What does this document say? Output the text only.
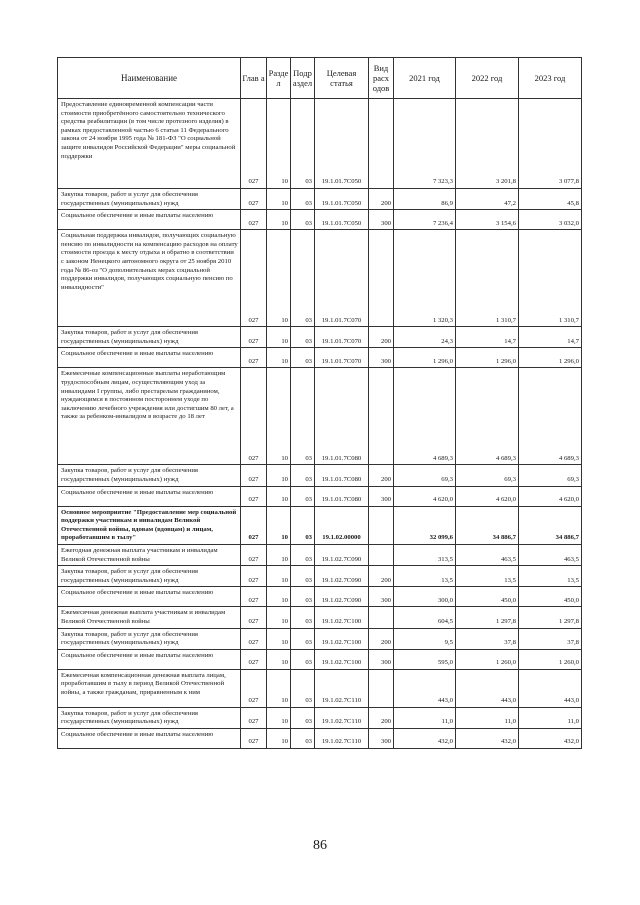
Наименование	Глав а	Разде л	Подр аздел	Целевая статья	Вид расх одов	2021 год	2022 год	2023 год
Предоставление единовременной компенсации части стоимости приобретённого самостоятельно технического средства реабилитации (в том числе протезного изделия) в рамках предоставленной частью 6 статьи 11 Федерального закона от 24 ноября 1995 года № 181-ФЗ "О социальной защите инвалидов Российской Федерации" меры социальной поддержки	027	10	03	19.1.01.7С050		7 323,3	3 201,8	3 077,8
Закупка товаров, работ и услуг для обеспечения государственных (муниципальных) нужд	027	10	03	19.1.01.7С050	200	86,9	47,2	45,8
Социальное обеспечение и иные выплаты населению	027	10	03	19.1.01.7С050	300	7 236,4	3 154,6	3 032,0
Социальная поддержка инвалидов, получающих социальную пенсию по инвалидности на компенсацию расходов на оплату стоимости проезда к месту отдыха и обратно в соответствии с законом Ненецкого автономного округа от 25 ноября 2010 года № 86-оз "О дополнительных мерах социальной поддержки инвалидов, получающих социальную пенсию по инвалидности"	027	10	03	19.1.01.7С070		1 320,3	1 310,7	1 310,7
Закупка товаров, работ и услуг для обеспечения государственных (муниципальных) нужд	027	10	03	19.1.01.7С070	200	24,3	14,7	14,7
Социальное обеспечение и иные выплаты населению	027	10	03	19.1.01.7С070	300	1 296,0	1 296,0	1 296,0
Ежемесячные компенсационные выплаты неработающим трудоспособным лицам, осуществляющим уход за инвалидами I группы, либо престарелым гражданином, нуждающимся в постоянном постороннем уходе по заключению лечебного учреждения или достигшим 80 лет, а также за ребенком-инвалидом в возрасте до 18 лет	027	10	03	19.1.01.7С080		4 689,3	4 689,3	4 689,3
Закупка товаров, работ и услуг для обеспечения государственных (муниципальных) нужд	027	10	03	19.1.01.7С080	200	69,3	69,3	69,3
Социальное обеспечение и иные выплаты населению	027	10	03	19.1.01.7С080	300	4 620,0	4 620,0	4 620,0
Основное мероприятие "Предоставление мер социальной поддержки участникам и инвалидам Великой Отечественной войны, вдовам (вдовцам) и лицам, проработавшим в тылу"	027	10	03	19.1.02.00000		32 099,6	34 886,7	34 886,7
Ежегодная денежная выплата участникам и инвалидам Великой Отечественной войны	027	10	03	19.1.02.7С090		313,5	463,5	463,5
Закупка товаров, работ и услуг для обеспечения государственных (муниципальных) нужд	027	10	03	19.1.02.7С090	200	13,5	13,5	13,5
Социальное обеспечение и иные выплаты населению	027	10	03	19.1.02.7С090	300	300,0	450,0	450,0
Ежемесячная денежная выплата участникам и инвалидам Великой Отечественной войны	027	10	03	19.1.02.7С100		604,5	1 297,8	1 297,8
Закупка товаров, работ и услуг для обеспечения государственных (муниципальных) нужд	027	10	03	19.1.02.7С100	200	9,5	37,8	37,8
Социальное обеспечение и иные выплаты населению	027	10	03	19.1.02.7С100	300	595,0	1 260,0	1 260,0
Ежемесячная компенсационная денежная выплата лицам, проработавшим в тылу в период Великой Отечественной войны, а также гражданам, приравненным к ним	027	10	03	19.1.02.7С110		443,0	443,0	443,0
Закупка товаров, работ и услуг для обеспечения государственных (муниципальных) нужд	027	10	03	19.1.02.7С110	200	11,0	11,0	11,0
Социальное обеспечение и иные выплаты населению	027	10	03	19.1.02.7С110	300	432,0	432,0	432,0
86
